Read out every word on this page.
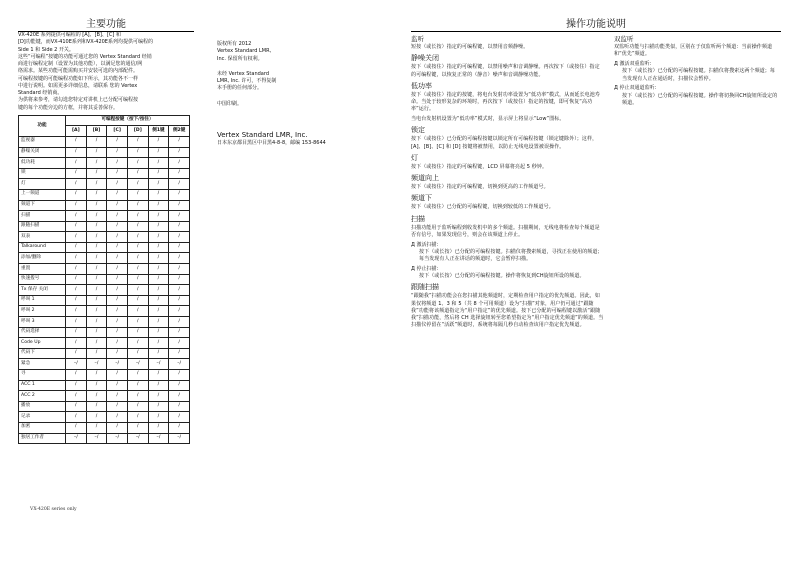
主要功能	操作功能说明
VX-420E 系列提供可编程的 [A]、[B]、[C] 和
[D]功能键，而VX-410E系列和VX-420E系列均提供可编程的
Side 1 和 Side 2 开关。
这些“可编程”按键的功能可通过您的 Vertex Standard 经销
商进行编程定制（设置为其他功能），以满足您的通信/网
络需求。某些功能可能需购买并安装可选的内部配件。
可编程按键的可能编程功能如下所示，其功能各不一样
中进行说明。如需更多详细信息，请联系 您的 Vertex
Standard 经销商。
为供将来参考，请勾选您特定对讲机上已分配可编程按
键的每个功能旁边的方框，并将其妥善保存。
功能	可编程按键（按下/按住）					
	[A]	[B]	[C]	[D]	侧1键	侧2键
监视器	/	/	/	/	/	/
静噪关闭	/	/	/	/	/	/
低功耗	/	/	/	/	/	/
锁	/	/	/	/	/	/
灯	/	/	/	/	/	/
上一频道	/	/	/	/	/	/
频道下	/	/	/	/	/	/
扫描	/	/	/	/	/	/
跟随扫描	/	/	/	/	/	/
双表	/	/	/	/	/	/
Talkaround	/	/	/	/	/	/
添加/删除	/	/	/	/	/	/
重置	/	/	/	/	/	/
快速拨号	/	/	/	/	/	/
Tx 保存 关闭	/	/	/	/	/	/
呼叫 1	/	/	/	/	/	/
呼叫 2	/	/	/	/	/	/
呼叫 3	/	/	/	/	/	/
代码选择	/	/	/	/	/	/
Code Up	/	/	/	/	/	/
代码下	/	/	/	/	/	/
紧急	–/	–/	–/	–/	–/	–/
寻	/	/	/	/	/	/
ACC 1	/	/	/	/	/	/
ACC 2	/	/	/	/	/	/
播放	/	/	/	/	/	/
记录	/	/	/	/	/	/
加密	/	/	/	/	/	/
独居工作者	–/	–/	–/	–/	–/	–/
VX-420E series only
版权所有 2012
Vertex Standard LMR,
Inc. 保留所有权利。
未经 Vertex Standard
LMR, Inc. 许可，不得复制
本手册的任何部分。
中国印刷。
Vertex Standard LMR, Inc.
日本东京都目黑区中目黑4-8-8，邮编 153-8644
监听

短按（或长按）指定的可编程键，以禁用音频静噪。

静噪关闭

按下（或按住）指定的可编程键，以禁用噪声和音调静噪。再次按下（或按住）指定的可编程键，以恢复正常的（静音）噪声和音调静噪功能。

低功率

按下（或按住）指定的按键，将电台发射功率设置为“低功率”模式，从而延长电池寿命。当处于较形复杂的环境时，再次按下（或按住）指定的按键，即可恢复“高功率”运行。

当电台发射机设置为“低功率”模式时，显示屏上将显示“Low”图标。

锁定

按下（或按住）已分配的可编程按键以锁定所有可编程按键（锁定键除外）；这样，[A]、[B]、[C] 和 [D] 按键将被禁用，以防止无线电设置被误操作。

灯

按下（或按住）指定的可编程键，LCD 屏幕将亮起 5 秒钟。

频道向上

按下（或按住）指定的可编程键，切换到更高的工作频道号。

频道下

按下（或按住）已分配的可编程键，切换到较低的工作频道号。

扫描

扫描功能用于监听编程到收发机中的多个频道。扫描期间，无线电将检查每个频道是否有信号，如果发现信号，则会在该频道上停止。

Д 激活扫描：

按下（或长按）已分配的可编程按键。扫描仪将搜索频道，寻找正在使用的频道；每当发现有人正在讲话的频道时，它会暂停扫描。

Д 停止扫描：

按下（或长按）已分配的可编程按键。操作将恢复到CH旋钮所设的频道。

跟随扫描

“跟随我”扫描功能会在您扫描其他频道时，定期检查用户指定的优先频道。因此，如果仅将频道 1、3 和 5（共 8 个可用频道）设为“扫描”对象，用户仍可通过“跟随我”功能将该频道指定为“用户指定”的优先频道。按下已分配的可编程键以激活“跟随我”扫描功能，然后将 CH 选择旋钮转至您希望指定为“用户指定优先频道”的频道。当扫描仪停留在“活跃”频道时，系统将每隔几秒自动检查该用户指定优先频道。

双监听

双监听功能与扫描功能类似，区别在于仅监听两个频道：当前操作频道和“优先”频道。

Д 激活双重监听：

按下（或长按）已分配的可编程按键。扫描仪将搜索这两个频道；每当发现有人正在通话时，扫描仪会暂停。

Д 停止双通道监听：

按下（或长按）已分配的可编程按键。操作将切换回CH旋钮所设定的频道。
